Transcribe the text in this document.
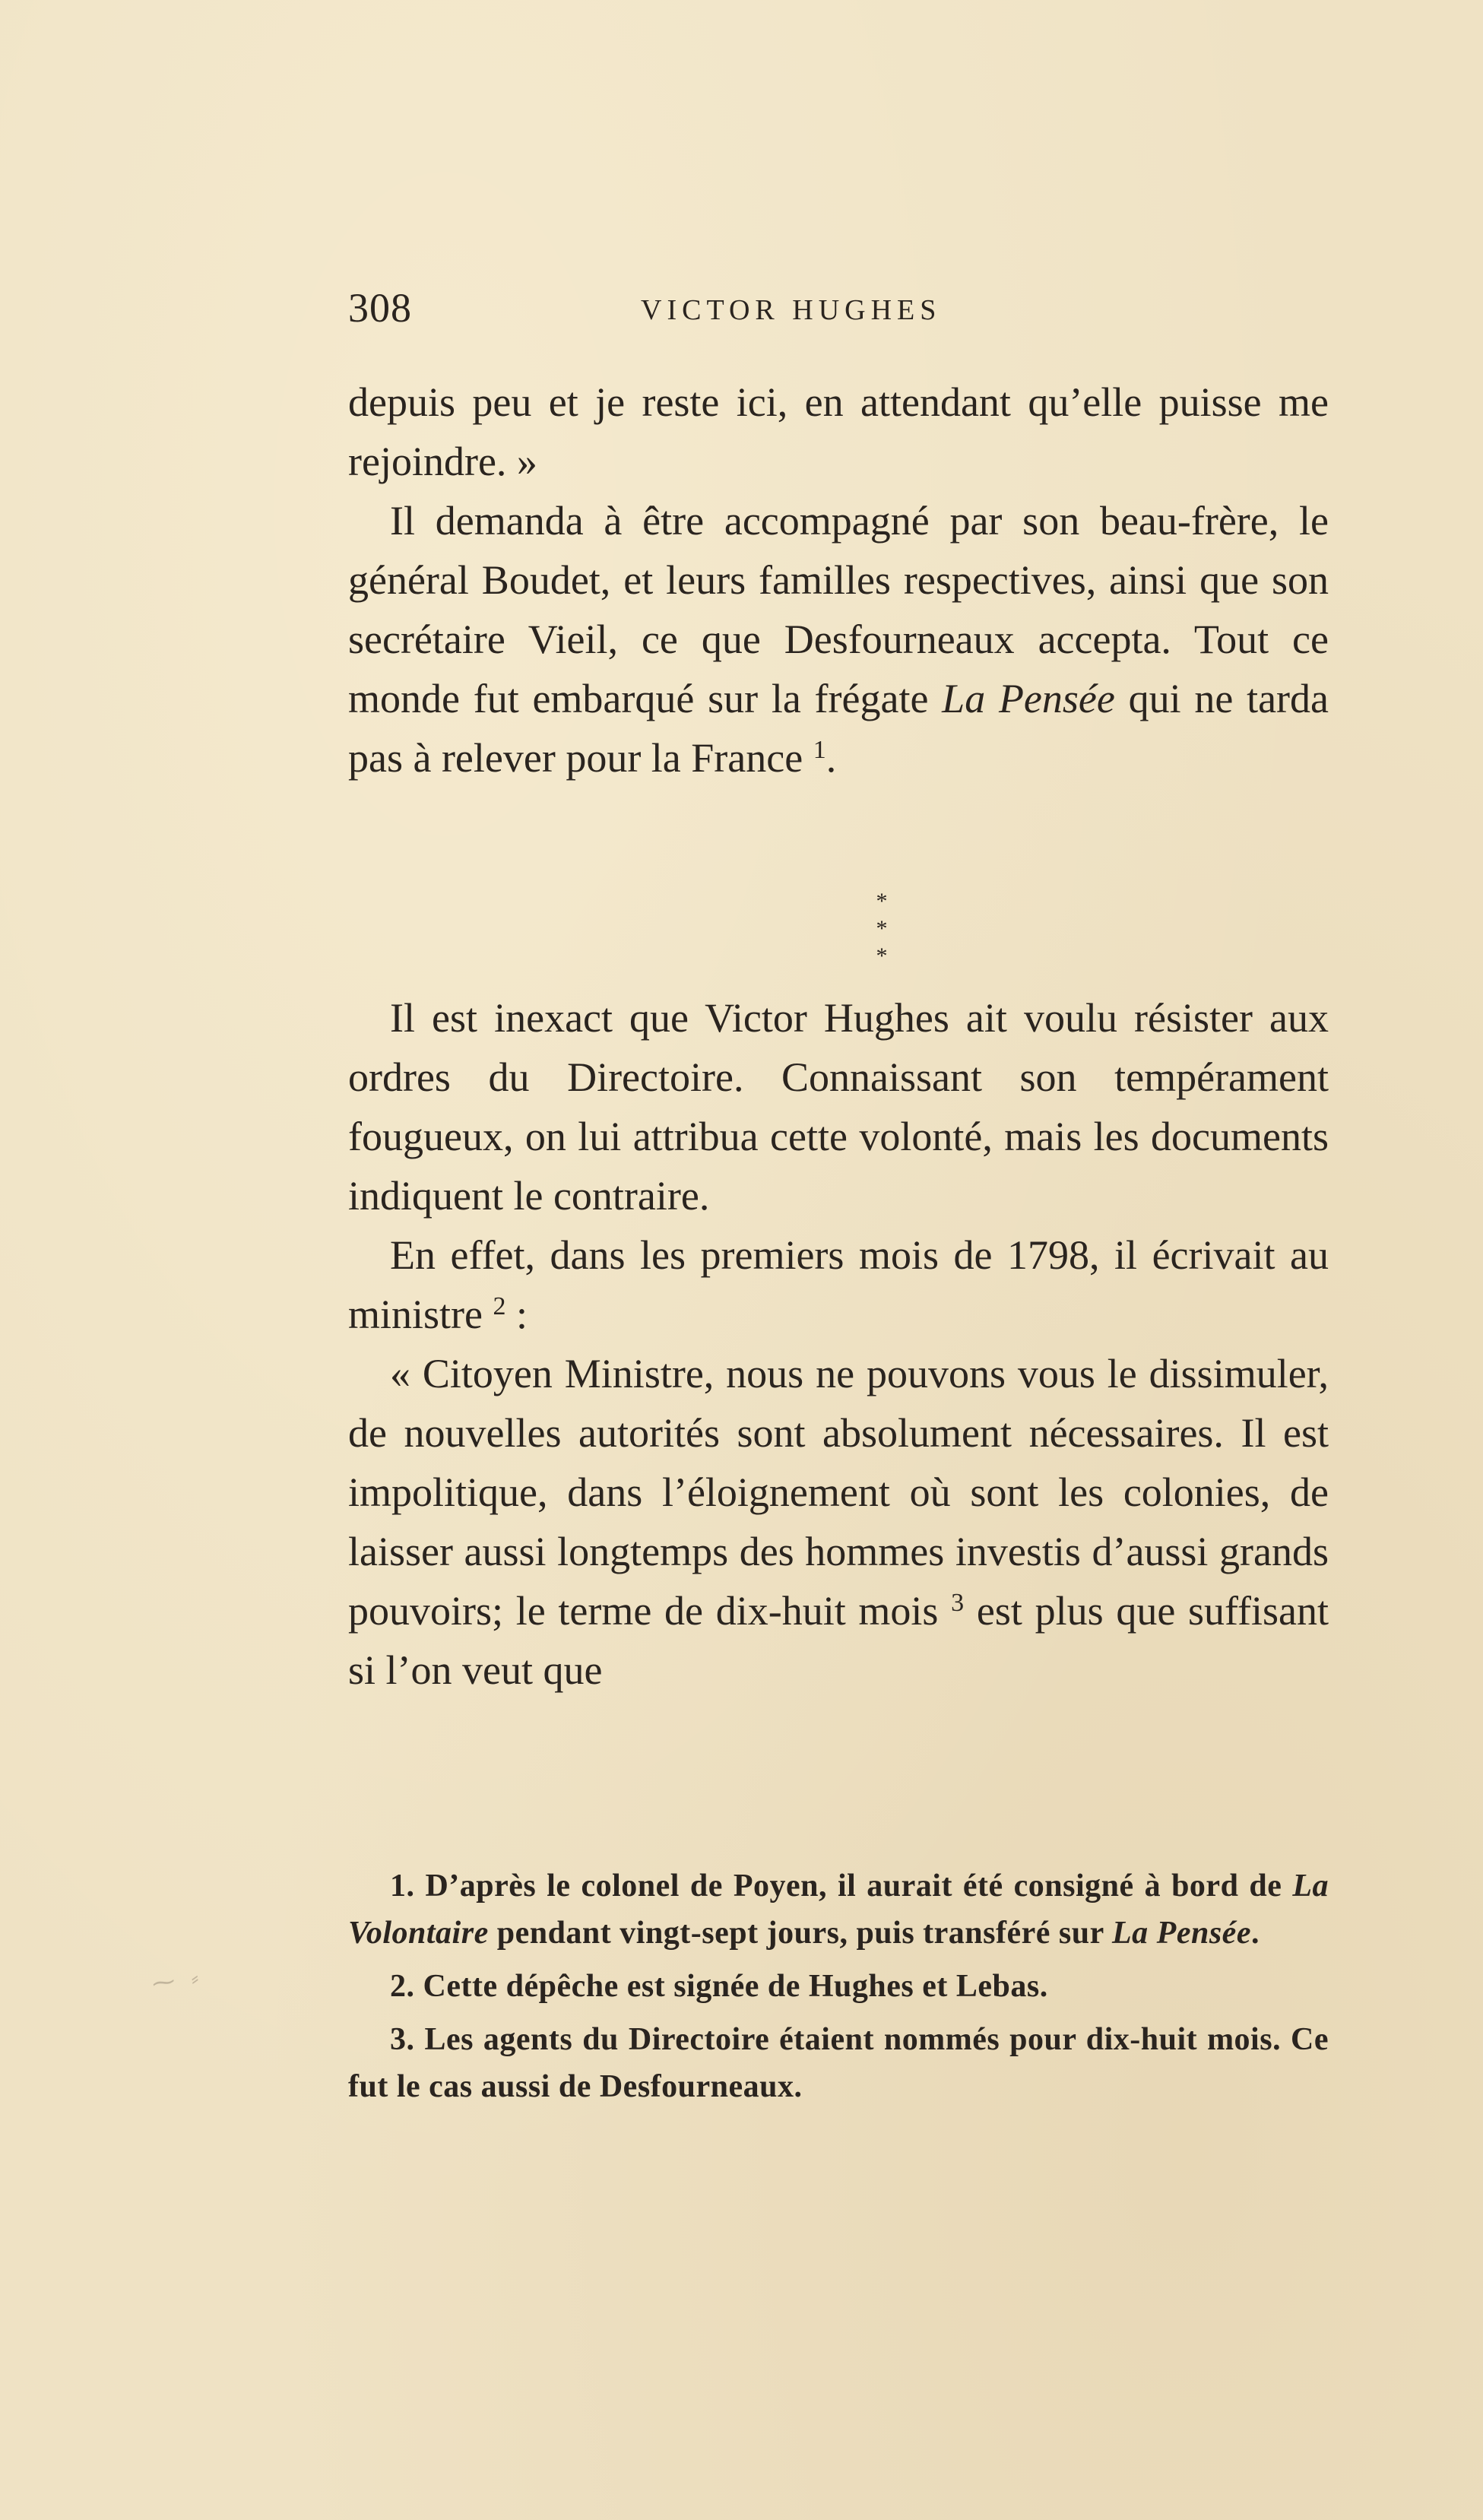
308	VICTOR HUGHES

depuis peu et je reste ici, en attendant qu’elle puisse me rejoindre. »

Il demanda à être accompagné par son beau-frère, le général Boudet, et leurs familles respectives, ainsi que son secrétaire Vieil, ce que Desfourneaux accepta. Tout ce monde fut embarqué sur la frégate La Pensée qui ne tarda pas à relever pour la France $^1$.

*
* *

Il est inexact que Victor Hughes ait voulu résister aux ordres du Directoire. Connaissant son tempérament fougueux, on lui attribua cette volonté, mais les documents indiquent le contraire.

En effet, dans les premiers mois de 1798, il écrivait au ministre $^2$ :

« Citoyen Ministre, nous ne pouvons vous le dissimuler, de nouvelles autorités sont absolument nécessaires. Il est impolitique, dans l’éloignement où sont les colonies, de laisser aussi longtemps des hommes investis d’aussi grands pouvoirs; le terme de dix-huit mois $^3$ est plus que suffisant si l’on veut que

1. D’après le colonel de Poyen, il aurait été consigné à bord de La Volontaire pendant vingt-sept jours, puis transféré sur La Pensée.

2. Cette dépêche est signée de Hughes et Lebas.

3. Les agents du Directoire étaient nommés pour dix-huit mois. Ce fut le cas aussi de Desfourneaux.

⁓ ⸗
